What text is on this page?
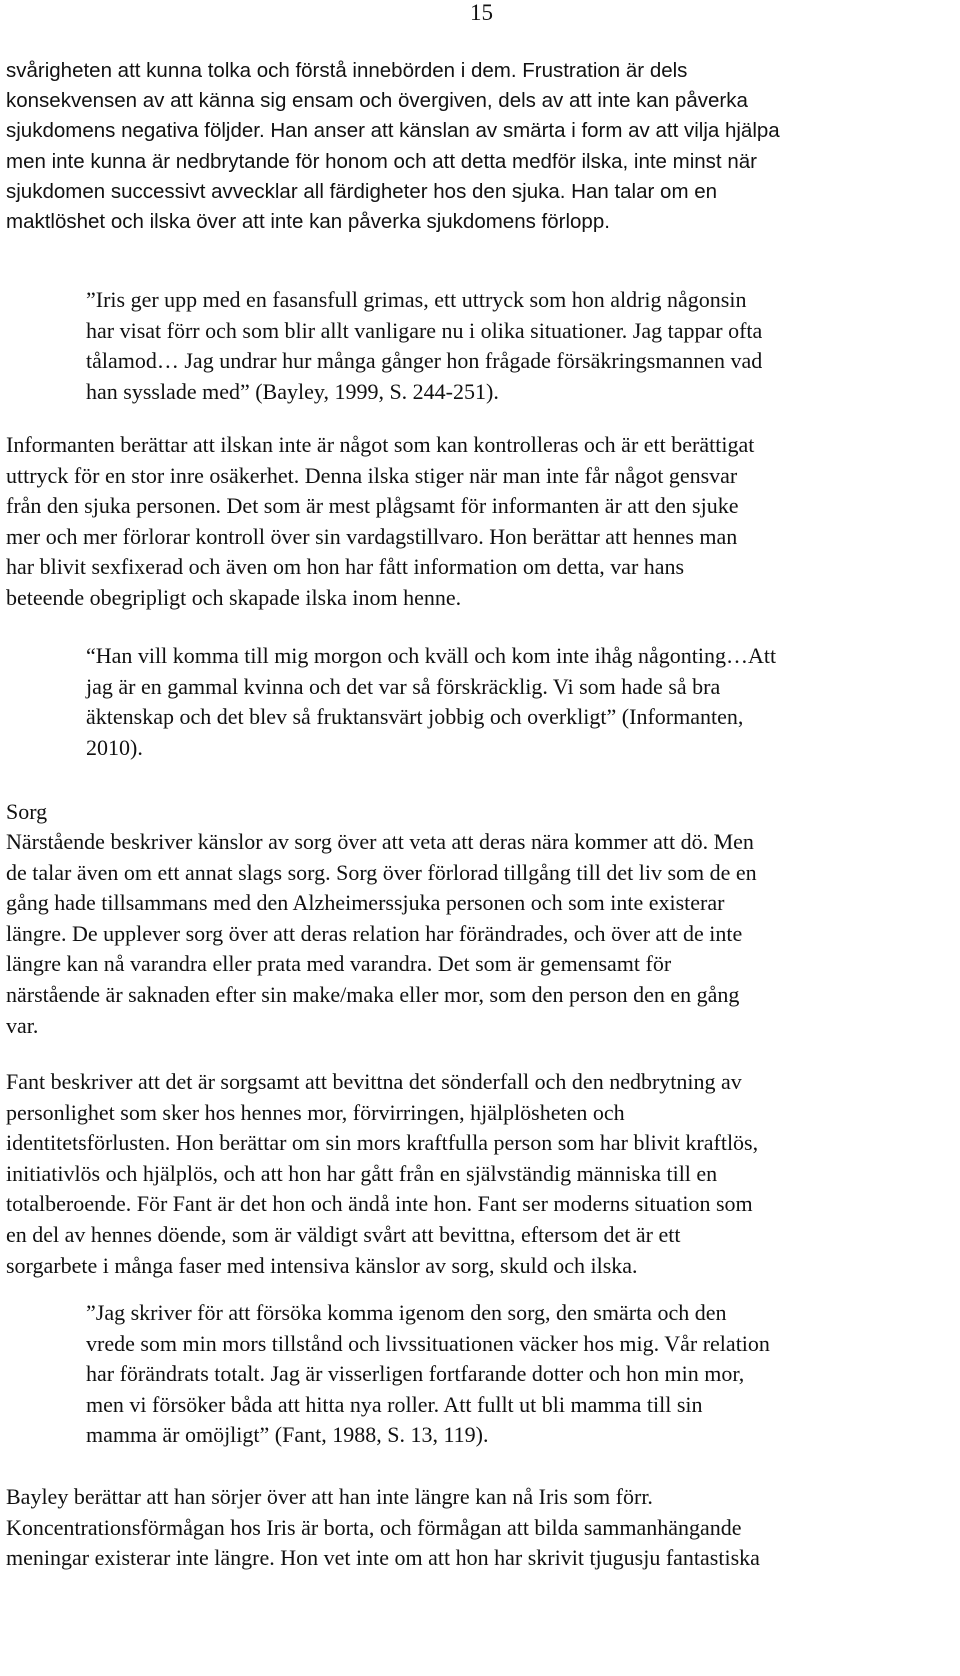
15
svårigheten att kunna tolka och förstå innebörden i dem. Frustration är dels
konsekvensen av att känna sig ensam och övergiven, dels av att inte kan påverka
sjukdomens negativa följder. Han anser att känslan av smärta i form av att vilja hjälpa
men inte kunna är nedbrytande för honom och att detta medför ilska, inte minst när
sjukdomen successivt avvecklar all färdigheter hos den sjuka. Han talar om en
maktlöshet och ilska över att inte kan påverka sjukdomens förlopp.
”Iris ger upp med en fasansfull grimas, ett uttryck som hon aldrig någonsin
har visat förr och som blir allt vanligare nu i olika situationer. Jag tappar ofta
tålamod… Jag undrar hur många gånger hon frågade försäkringsmannen vad
han sysslade med” (Bayley, 1999, S. 244-251).
Informanten berättar att ilskan inte är något som kan kontrolleras och är ett berättigat
uttryck för en stor inre osäkerhet. Denna ilska stiger när man inte får något gensvar
från den sjuka personen. Det som är mest plågsamt för informanten är att den sjuke
mer och mer förlorar kontroll över sin vardagstillvaro. Hon berättar att hennes man
har blivit sexfixerad och även om hon har fått information om detta, var hans
beteende obegripligt och skapade ilska inom henne.
“Han vill komma till mig morgon och kväll och kom inte ihåg någonting…Att
jag är en gammal kvinna och det var så förskräcklig. Vi som hade så bra
äktenskap och det blev så fruktansvärt jobbig och overkligt” (Informanten,
2010).
Sorg
Närstående beskriver känslor av sorg över att veta att deras nära kommer att dö. Men
de talar även om ett annat slags sorg. Sorg över förlorad tillgång till det liv som de en
gång hade tillsammans med den Alzheimerssjuka personen och som inte existerar
längre. De upplever sorg över att deras relation har förändrades, och över att de inte
längre kan nå varandra eller prata med varandra. Det som är gemensamt för
närstående är saknaden efter sin make/maka eller mor, som den person den en gång
var.
Fant beskriver att det är sorgsamt att bevittna det sönderfall och den nedbrytning av
personlighet som sker hos hennes mor, förvirringen, hjälplösheten och
identitetsförlusten. Hon berättar om sin mors kraftfulla person som har blivit kraftlös,
initiativlös och hjälplös, och att hon har gått från en självständig människa till en
totalberoende. För Fant är det hon och ändå inte hon. Fant ser moderns situation som
en del av hennes döende, som är väldigt svårt att bevittna, eftersom det är ett
sorgarbete i många faser med intensiva känslor av sorg, skuld och ilska.
”Jag skriver för att försöka komma igenom den sorg, den smärta och den
vrede som min mors tillstånd och livssituationen väcker hos mig. Vår relation
har förändrats totalt. Jag är visserligen fortfarande dotter och hon min mor,
men vi försöker båda att hitta nya roller. Att fullt ut bli mamma till sin
mamma är omöjligt” (Fant, 1988, S. 13, 119).
Bayley berättar att han sörjer över att han inte längre kan nå Iris som förr.
Koncentrationsförmågan hos Iris är borta, och förmågan att bilda sammanhängande
meningar existerar inte längre. Hon vet inte om att hon har skrivit tjugusju fantastiska
